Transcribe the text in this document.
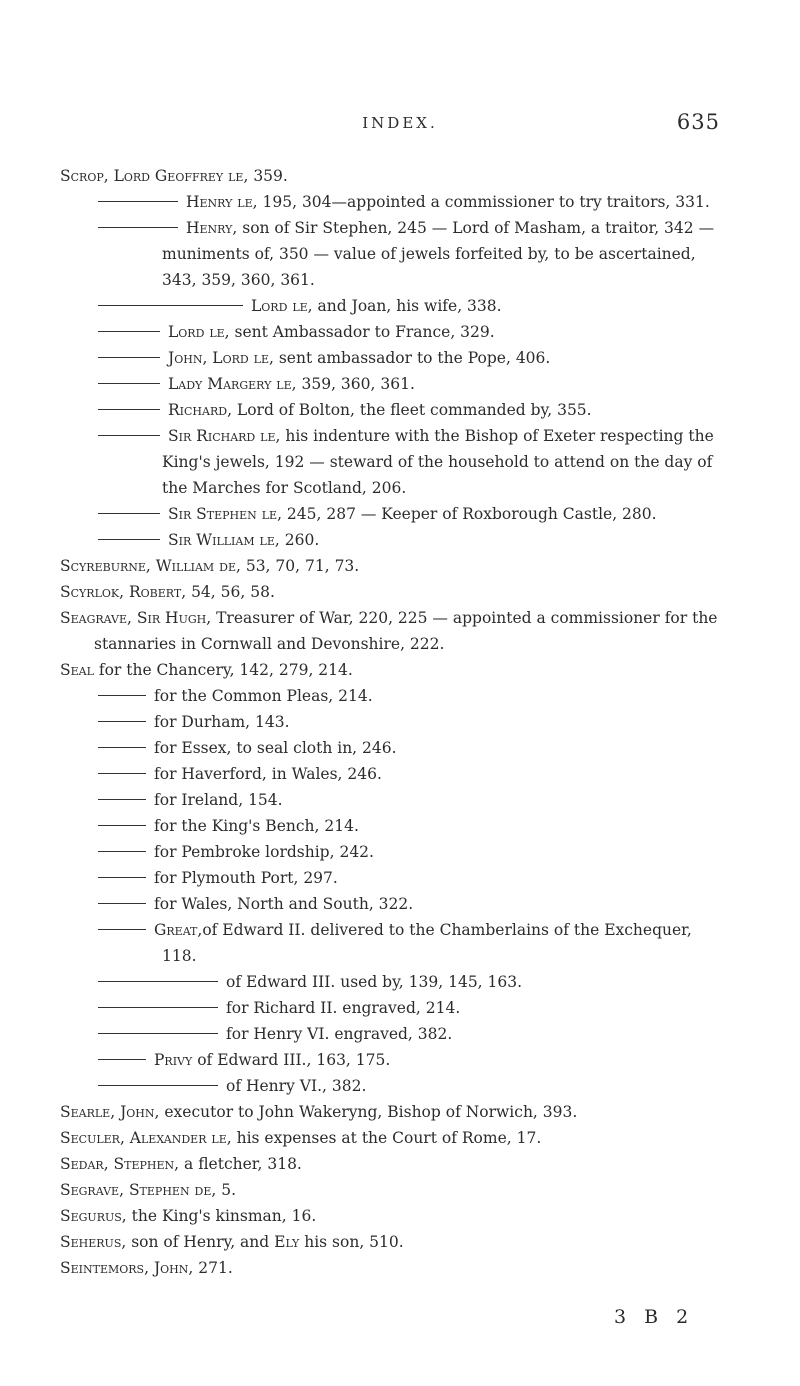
INDEX.	635
Scrop, Lord Geoffrey le, 359.
Henry le, 195, 304—appointed a commissioner to try traitors, 331.
Henry, son of Sir Stephen, 245 — Lord of Masham, a traitor, 342 — muniments of, 350 — value of jewels forfeited by, to be ascertained, 343, 359, 360, 361.
Lord le, and Joan, his wife, 338.
Lord le, sent Ambassador to France, 329.
John, Lord le, sent ambassador to the Pope, 406.
Lady Margery le, 359, 360, 361.
Richard, Lord of Bolton, the fleet commanded by, 355.
Sir Richard le, his indenture with the Bishop of Exeter respecting the King's jewels, 192 — steward of the household to attend on the day of the Marches for Scotland, 206.
Sir Stephen le, 245, 287 — Keeper of Roxborough Castle, 280.
Sir William le, 260.
Scyreburne, William de, 53, 70, 71, 73.
Scyrlok, Robert, 54, 56, 58.
Seagrave, Sir Hugh, Treasurer of War, 220, 225 — appointed a commissioner for the stannaries in Cornwall and Devonshire, 222.
Seal for the Chancery, 142, 279, 214.
for the Common Pleas, 214.
for Durham, 143.
for Essex, to seal cloth in, 246.
for Haverford, in Wales, 246.
for Ireland, 154.
for the King's Bench, 214.
for Pembroke lordship, 242.
for Plymouth Port, 297.
for Wales, North and South, 322.
Great,of Edward II. delivered to the Chamberlains of the Exchequer, 118.
of Edward III. used by, 139, 145, 163.
for Richard II. engraved, 214.
for Henry VI. engraved, 382.
Privy of Edward III., 163, 175.
of Henry VI., 382.
Searle, John, executor to John Wakeryng, Bishop of Norwich, 393.
Seculer, Alexander le, his expenses at the Court of Rome, 17.
Sedar, Stephen, a fletcher, 318.
Segrave, Stephen de, 5.
Segurus, the King's kinsman, 16.
Seherus, son of Henry, and Ely his son, 510.
Seintemors, John, 271.
3 B 2
